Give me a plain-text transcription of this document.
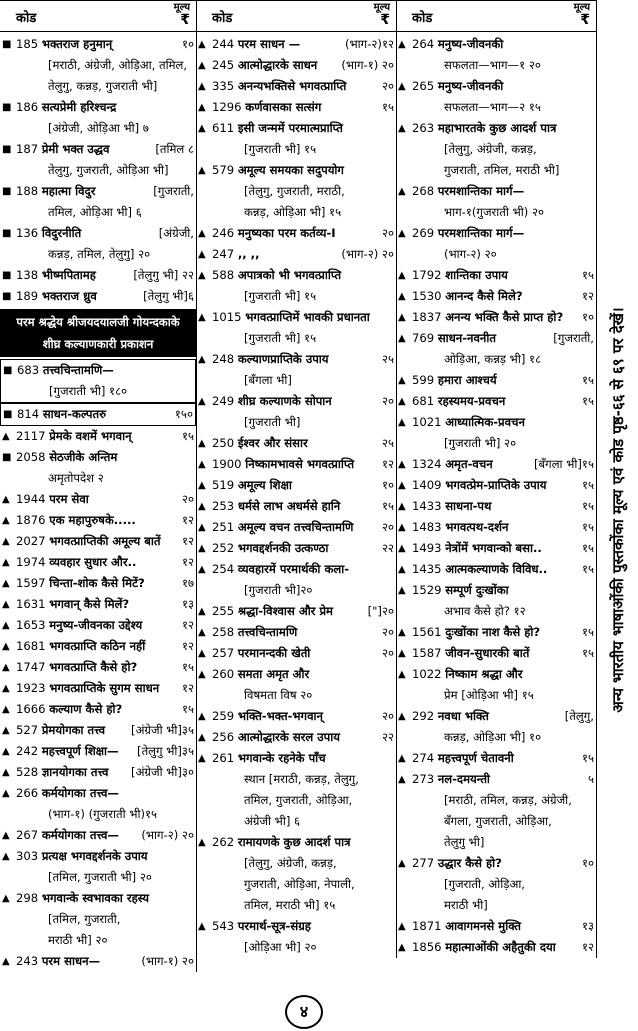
कोड
मूल्य
₹
■ 185
भक्तराज हनुमान्	१०
[मराठी, अंग्रेजी, ओड़िआ, तमिल,
तेलुगु, कन्नड़, गुजराती भी]
■ 186
सत्यप्रेमी हरिश्चन्द्र
[अंग्रेजी, ओड़िआ भी] ७
■ 187
प्रेमी भक्त उद्धव	[तमिल ८
तेलुगु, गुजराती, ओड़िआ भी]
■ 188
महात्मा विदुर	[गुजराती,
तमिल, ओड़िआ भी] ६
■ 136
विदुरनीति	[अंग्रेजी,
कन्नड़, तमिल, तेलुगु] २०
■ 138
भीष्मपितामह	[तेलुगु भी] २२
■ 189
भक्तराज ध्रुव	[तेलुगु भी]६
परम श्रद्धेय श्रीजयदयालजी गोयन्दकाके शीघ्र कल्याणकारी प्रकाशन
■ 683
तत्त्वचिन्तामणि—
[गुजराती भी] १८०
■ 814
साधन-कल्पतरु	१५०
▲ 2117
प्रेमके वशमें भगवान्	१५
■ 2058
सेठजीके अन्तिम
अमृतोपदेश २
▲ 1944
परम सेवा	२०
▲ 1876
एक महापुरुषके.....	१२
▲ 2027
भगवत्प्राप्तिकी अमूल्य बातें	१२
▲ 1974
व्यवहार सुधार और..	१२
▲ 1597
चिन्ता-शोक कैसे मिटें?	१७
▲ 1631
भगवान् कैसे मिलें?	१३
▲ 1653
मनुष्य-जीवनका उद्देश्य	१२
▲ 1681
भगवत्प्राप्ति कठिन नहीं	१२
▲ 1747
भगवत्प्राप्ति कैसे हो?	१५
▲ 1923
भगवत्प्राप्तिके सुगम साधन	१२
▲ 1666
कल्याण कैसे हो?	१५
▲ 527
प्रेमयोगका तत्त्व [अंग्रेजी भी]३५
▲ 242
महत्त्वपूर्ण शिक्षा— [तेलुगु भी]३५
▲ 528
ज्ञानयोगका तत्त्व [अंग्रेजी भी]३०
▲ 266
कर्मयोगका तत्त्व—
(भाग-१) (गुजराती भी)१५
▲ 267
कर्मयोगका तत्त्व— (भाग-२) २०
▲ 303
प्रत्यक्ष भगवद्दर्शनके उपाय
[तमिल, गुजराती भी] २०
▲ 298
भगवान्के स्वभावका रहस्य
[तमिल, गुजराती,
मराठी भी] २०
▲ 243
परम साधन—	(भाग-१) २०
कोड
मूल्य
₹
▲ 244
परम साधन —	(भाग-२)१२
▲ 245
आत्मोद्धारके साधन (भाग-१) २०
▲ 335
अनन्यभक्तिसे भगवत्प्राप्ति	२०
▲ 1296
कर्णवासका सत्संग	१५
▲ 611
इसी जन्ममें परमात्मप्राप्ति
[गुजराती भी] १५
▲ 579
अमूल्य समयका सदुपयोग
[तेलुगु, गुजराती, मराठी,
कन्नड़, ओड़िआ भी] १५
▲ 246
मनुष्यका परम कर्तव्य-I	२०
▲ 247
,, ,,	(भाग-२) २०
▲ 588
अपात्रको भी भगवत्प्राप्ति
[गुजराती भी] १५
▲ 1015
भगवत्प्राप्तिमें भावकी प्रधानता
[गुजराती भी] १५
▲ 248
कल्याणप्राप्तिके उपाय	२५
[बँगला भी]
▲ 249
शीघ्र कल्याणके सोपान	२०
[गुजराती भी]
▲ 250
ईश्वर और संसार	२५
▲ 1900
निष्कामभावसे भगवत्प्राप्ति	१२
▲ 519
अमूल्य शिक्षा	१०
▲ 253
धर्मसे लाभ अधर्मसे हानि	१५
▲ 251
अमूल्य वचन तत्त्वचिन्तामणि	२०
▲ 252
भगवद्दर्शनकी उत्कण्ठा	२२
▲ 254
व्यवहारमें परमार्थकी कला-
[गुजराती भी]२०
▲ 255
श्रद्धा-विश्वास और प्रेम	["]२०
▲ 258
तत्त्वचिन्तामणि	२०
▲ 257
परमानन्दकी खेती	२०
▲ 260
समता अमृत और
विषमता विष २०
▲ 259
भक्ति-भक्त-भगवान्	२०
▲ 256
आत्मोद्धारके सरल उपाय	२२
▲ 261
भगवान्के रहनेके पाँच
स्थान [मराठी, कन्नड़, तेलुगु,
तमिल, गुजराती, ओड़िआ,
अंग्रेजी भी] ६
▲ 262
रामायणके कुछ आदर्श पात्र
[तेलुगु, अंग्रेजी, कन्नड़,
गुजराती, ओड़िआ, नेपाली,
तमिल, मराठी भी] १५
▲ 543
परमार्थ-सूत्र-संग्रह
[ओड़िआ भी] २०
कोड
मूल्य
₹
▲ 264
मनुष्य-जीवनकी
सफलता—भाग—१ २०
▲ 265
मनुष्य-जीवनकी
सफलता—भाग—२ १५
▲ 263
महाभारतके कुछ आदर्श पात्र
[तेलुगु, अंग्रेजी, कन्नड़,
गुजराती, तमिल, मराठी भी]
▲ 268
परमशान्तिका मार्ग—
भाग-१(गुजराती भी) २०
▲ 269
परमशान्तिका मार्ग—
(भाग-२) २०
▲ 1792
शान्तिका उपाय	१५
▲ 1530
आनन्द कैसे मिले?	१२
▲ 1837
अनन्य भक्ति कैसे प्राप्त हो?	१०
▲ 769
साधन-नवनीत	[गुजराती,
ओड़िआ, कन्नड़ भी] १८
▲ 599
हमारा आश्चर्य	१५
▲ 681
रहस्यमय-प्रवचन	१५
▲ 1021
आध्यात्मिक-प्रवचन
[गुजराती भी] २०
▲ 1324
अमृत-वचन	[बँगला भी]१५
▲ 1409
भगवत्प्रेम-प्राप्तिके उपाय	१५
▲ 1433
साधना-पथ	१५
▲ 1483
भगवत्पथ-दर्शन	१५
▲ 1493
नेत्रोंमें भगवान्को बसा..	१५
▲ 1435
आत्मकल्याणके विविध..	१५
▲ 1529
सम्पूर्ण दुःखोंका
अभाव कैसे हो? १२
▲ 1561
दुःखोंका नाश कैसे हो?	१५
▲ 1587
जीवन-सुधारकी बातें	१५
▲ 1022
निष्काम श्रद्धा और
प्रेम [ओड़िआ भी] १५
▲ 292
नवधा भक्ति	[तेलुगु,
कन्नड़, ओड़िआ भी] १०
▲ 274
महत्त्वपूर्ण चेतावनी	१५
▲ 273
नल-दमयन्ती	५
[मराठी, तमिल, कन्नड़, अंग्रेजी,
बँगला, गुजराती, ओड़िआ,
तेलुगु भी]
▲ 277
उद्धार कैसे हो?	१०
[गुजराती, ओड़िआ,
मराठी भी]
▲ 1871
आवागमनसे मुक्ति	१३
▲ 1856
महात्माओंकी अहैतुकी दया	१२
अन्य भारतीय भाषाओंकी पुस्तकोंका मूल्य एवं कोड पृष्ठ-६६ से ६९ पर देखें।
४
